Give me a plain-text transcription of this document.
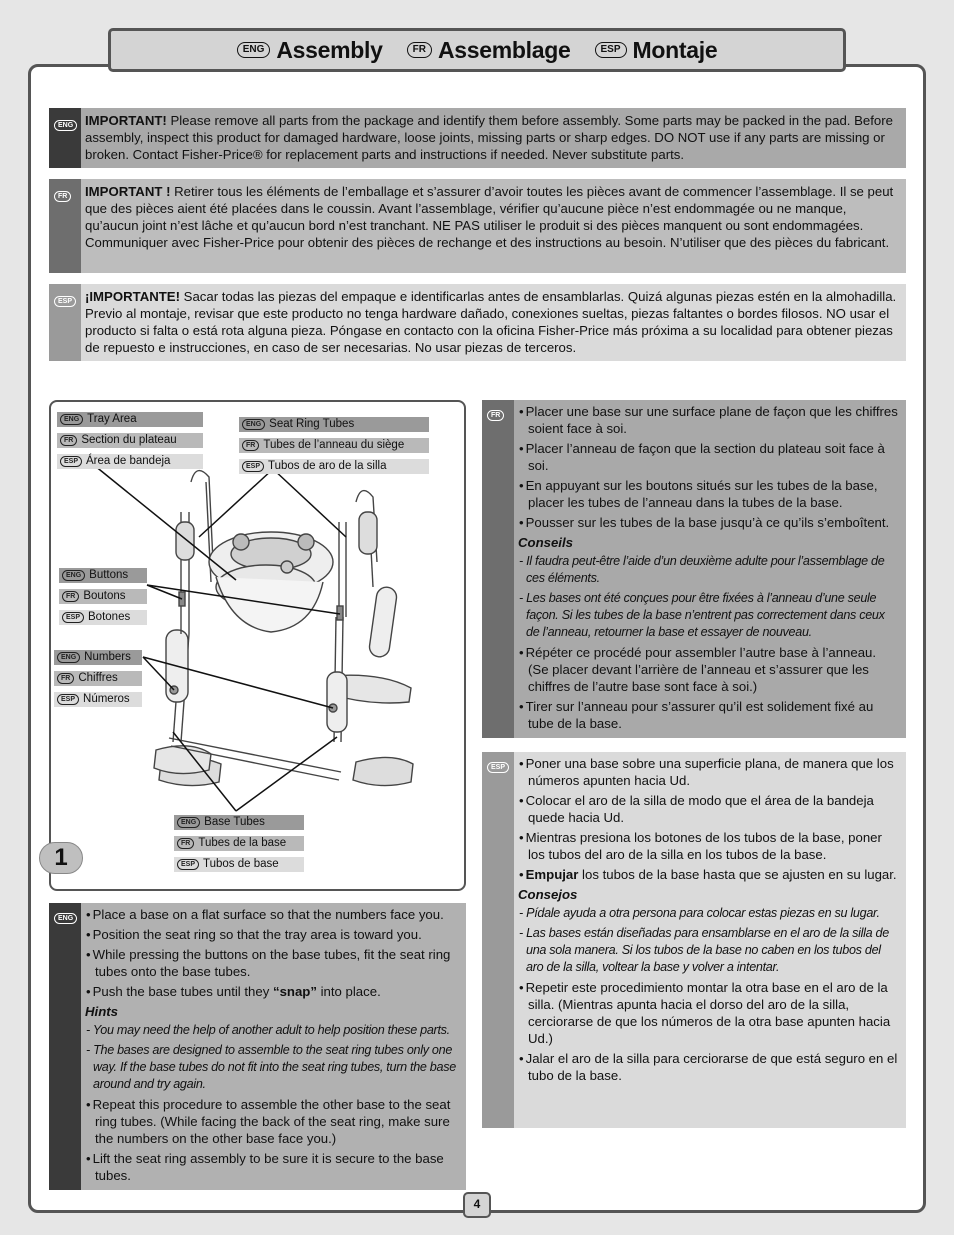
ENG Assembly	FR Assemblage	ESP Montaje
ENG IMPORTANT! Please remove all parts from the package and identify them before assembly. Some parts may be packed in the pad. Before assembly, inspect this product for damaged hardware, loose joints, missing parts or sharp edges. DO NOT use if any parts are missing or broken. Contact Fisher-Price® for replacement parts and instructions if needed. Never substitute parts.
FR	IMPORTANT ! Retirer tous les éléments de l’emballage et s’assurer d’avoir toutes les pièces avant de commencer l’assemblage. Il se peut que des pièces aient été placées dans le coussin. Avant l’assemblage, vérifier qu’aucune pièce n’est endommagée ou ne manque, qu’aucun joint n’est lâche et qu’aucun bord n’est tranchant. NE PAS utiliser le produit si des pièces manquent ou sont endommagées. Communiquer avec Fisher-Price pour obtenir des pièces de rechange et des instructions au besoin. N’utiliser que des pièces du fabricant.
ESP ¡IMPORTANTE! Sacar todas las piezas del empaque e identificarlas antes de ensamblarlas. Quizá algunas piezas estén en la almohadilla. Previo al montaje, revisar que este producto no tenga hardware dañado, conexiones sueltas, piezas faltantes o bordes filosos. NO usar el producto si falta o está rota alguna pieza. Póngase en contacto con la oficina Fisher-Price más próxima a su localidad para obtener piezas de repuesto e instrucciones, en caso de ser necesarias. No usar piezas de terceros.
ENG Tray Area
FR Section du plateau
ESP Área de bandeja
ENG Seat Ring Tubes
FR Tubes de l’anneau du siège
ESP Tubos de aro de la silla
ENG Buttons
FR Boutons
ESP Botones
ENG Numbers
FR Chiffres
ESP Números
ENG Base Tubes
FR Tubes de la base
ESP Tubos de base
1
ENG	• Place a base on a flat surface so that the numbers face you.
• Position the seat ring so that the tray area is toward you.
• While pressing the buttons on the base tubes, fit the seat ring tubes onto the base tubes.
• Push the base tubes until they “snap” into place.
Hints
- You may need the help of another adult to help position these parts.
- The bases are designed to assemble to the seat ring tubes only one way. If the base tubes do not fit into the seat ring tubes, turn the base around and try again.
• Repeat this procedure to assemble the other base to the seat ring tubes. (While facing the back of the seat ring, make sure the numbers on the other base face you.)
• Lift the seat ring assembly to be sure it is secure to the base tubes.
FR	• Placer une base sur une surface plane de façon que les chiffres soient face à soi.
• Placer l’anneau de façon que la section du plateau soit face à soi.
• En appuyant sur les boutons situés sur les tubes de la base, placer les tubes de l’anneau dans la tubes de la base.
• Pousser sur les tubes de la base jusqu’à ce qu’ils s’emboîtent.
Conseils
- Il faudra peut-être l’aide d’un deuxième adulte pour l’assemblage de ces éléments.
- Les bases ont été conçues pour être fixées à l’anneau d’une seule façon. Si les tubes de la base n’entrent pas correctement dans ceux de l’anneau, retourner la base et essayer de nouveau.
• Répéter ce procédé pour assembler l’autre base à l’anneau. (Se placer devant l’arrière de l’anneau et s’assurer que les chiffres de l’autre base sont face à soi.)
• Tirer sur l’anneau pour s’assurer qu’il est solidement fixé au tube de la base.
ESP	• Poner una base sobre una superficie plana, de manera que los números apunten hacia Ud.
• Colocar el aro de la silla de modo que el área de la bandeja quede hacia Ud.
• Mientras presiona los botones de los tubos de la base, poner los tubos del aro de la silla en los tubos de la base.
• Empujar los tubos de la base hasta que se ajusten en su lugar.
Consejos
- Pídale ayuda a otra persona para colocar estas piezas en su lugar.
- Las bases están diseñadas para ensamblarse en el aro de la silla de una sola manera. Si los tubos de la base no caben en los tubos del aro de la silla, voltear la base y volver a intentar.
• Repetir este procedimiento montar la otra base en el aro de la silla. (Mientras apunta hacia el dorso del aro de la silla, cerciorarse de que los números de la otra base apunten hacia Ud.)
• Jalar el aro de la silla para cerciorarse de que está seguro en el tubo de la base.
4
